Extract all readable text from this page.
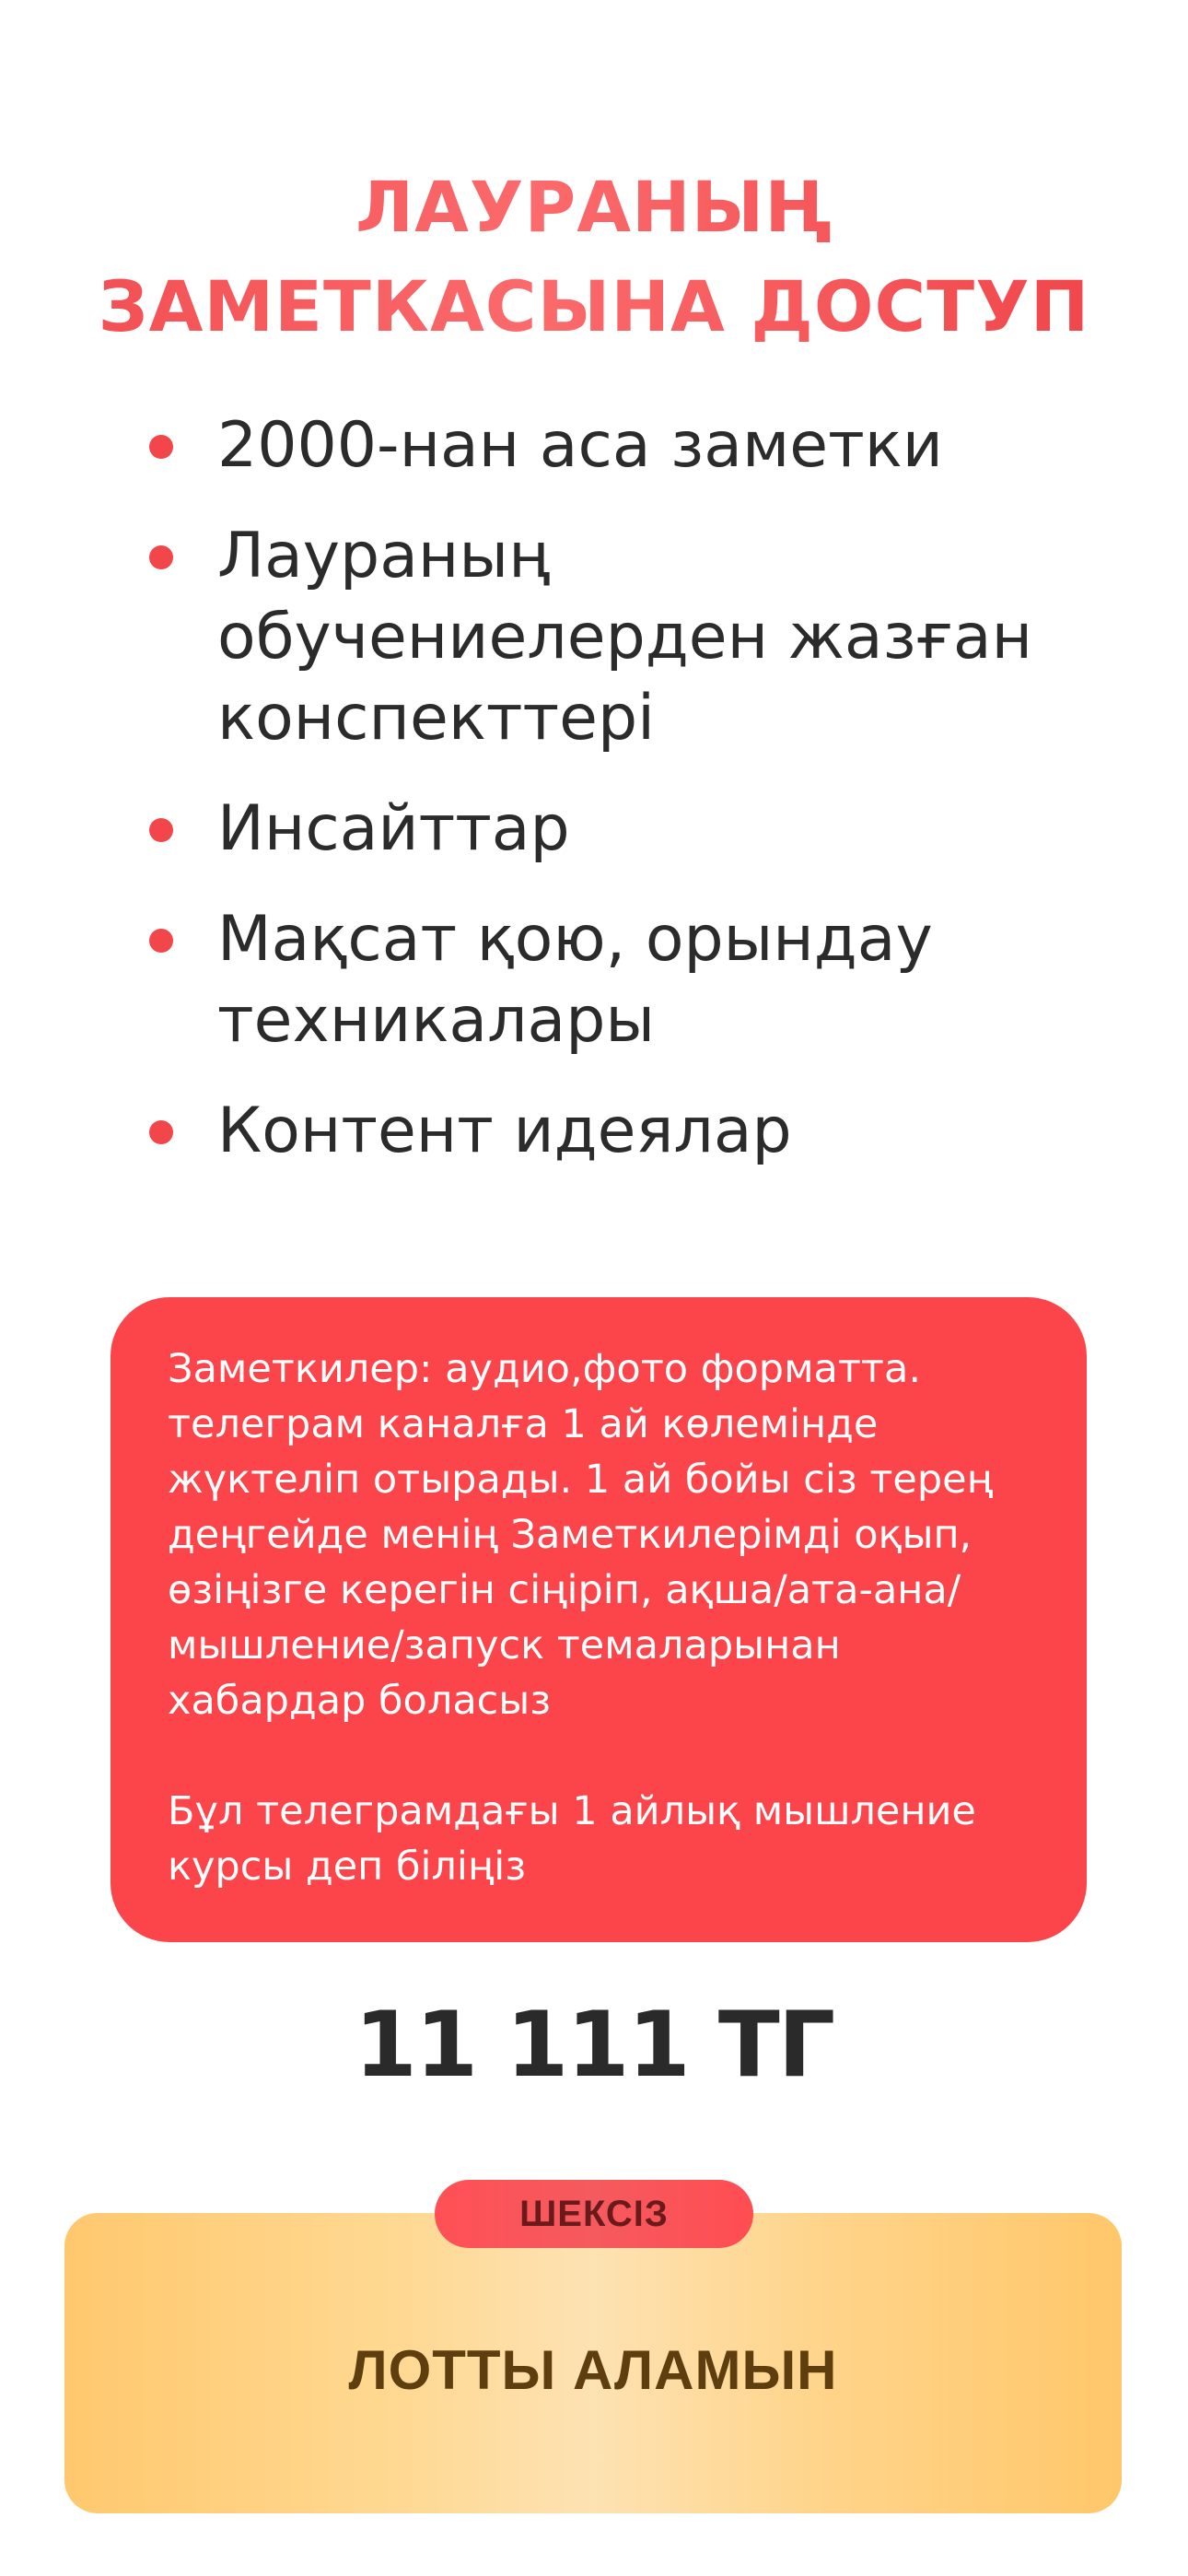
ЛАУРАНЫҢ
ЗАМЕТКАСЫНА ДОСТУП
2000-нан аса заметки
Лаураның обучениелерден жазған конспекттері
Инсайттар
Мақсат қою, орындау техникалары
Контент идеялар

Заметкилер: аудио,фото форматта. телеграм каналға 1 ай көлемінде жүктеліп отырады. 1 ай бойы сіз терең деңгейде менің Заметкилерімді оқып, өзіңізге керегін сіңіріп, ақша/ата-ана/мышление/запуск темаларынан хабардар боласыз

Бұл телеграмдағы 1 айлық мышление курсы деп біліңіз

11 111 ТГ
ШЕКСІЗ
ЛОТТЫ АЛАМЫН
